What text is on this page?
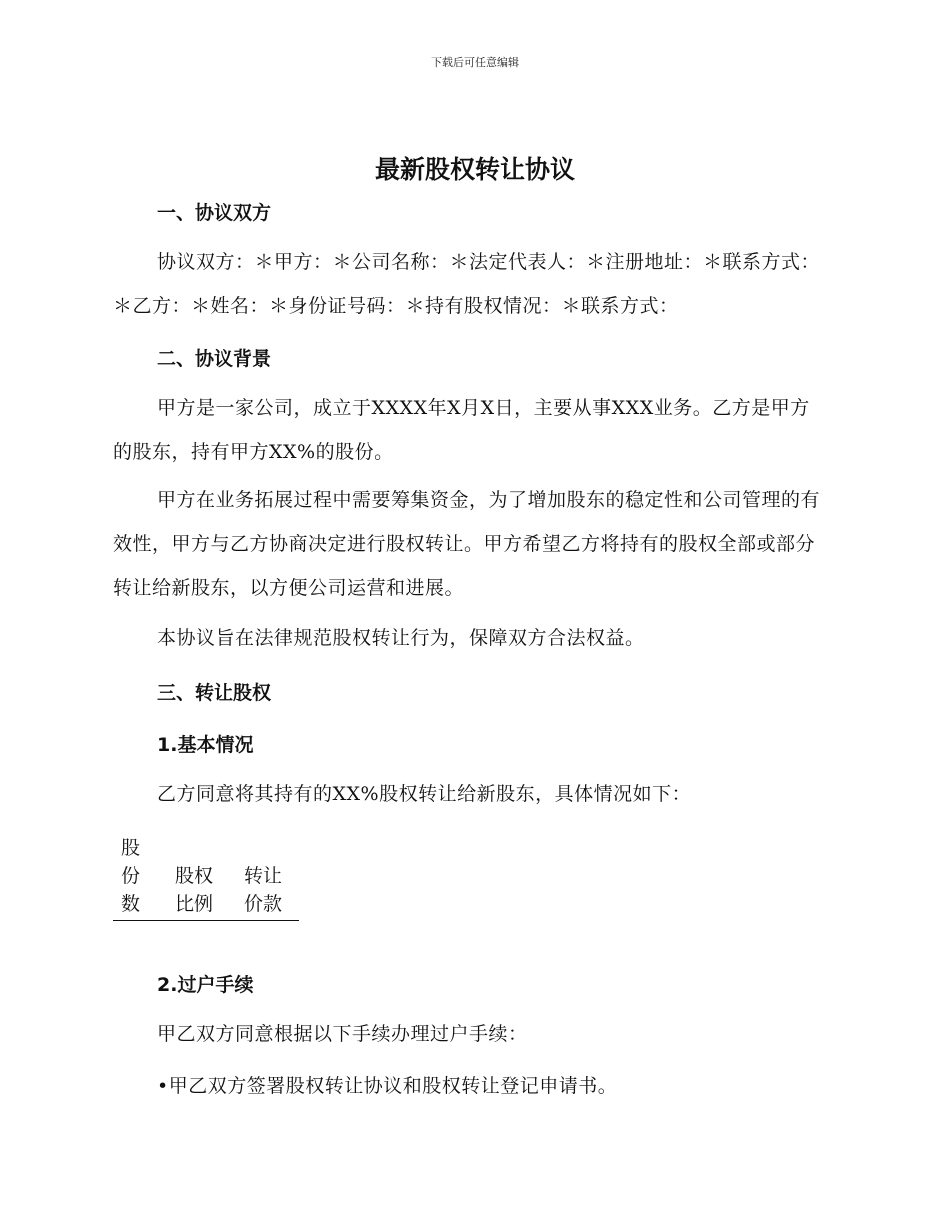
下载后可任意编辑
最新股权转让协议
一、协议双方

协议双方：＊甲方：＊公司名称：＊法定代表人：＊注册地址：＊联系方式：＊乙方：＊姓名：＊身份证号码：＊持有股权情况：＊联系方式：

二、协议背景

甲方是一家公司，成立于XXXX年X月X日，主要从事XXX业务。乙方是甲方的股东，持有甲方XX%的股份。

甲方在业务拓展过程中需要筹集资金，为了增加股东的稳定性和公司管理的有效性，甲方与乙方协商决定进行股权转让。甲方希望乙方将持有的股权全部或部分转让给新股东，以方便公司运营和进展。

本协议旨在法律规范股权转让行为，保障双方合法权益。

三、转让股权
1.基本情况

乙方同意将其持有的XX%股权转让给新股东，具体情况如下：

股
份
数
股权
比例
转让
价款
2.过户手续

甲乙双方同意根据以下手续办理过户手续：

•甲乙双方签署股权转让协议和股权转让登记申请书。
